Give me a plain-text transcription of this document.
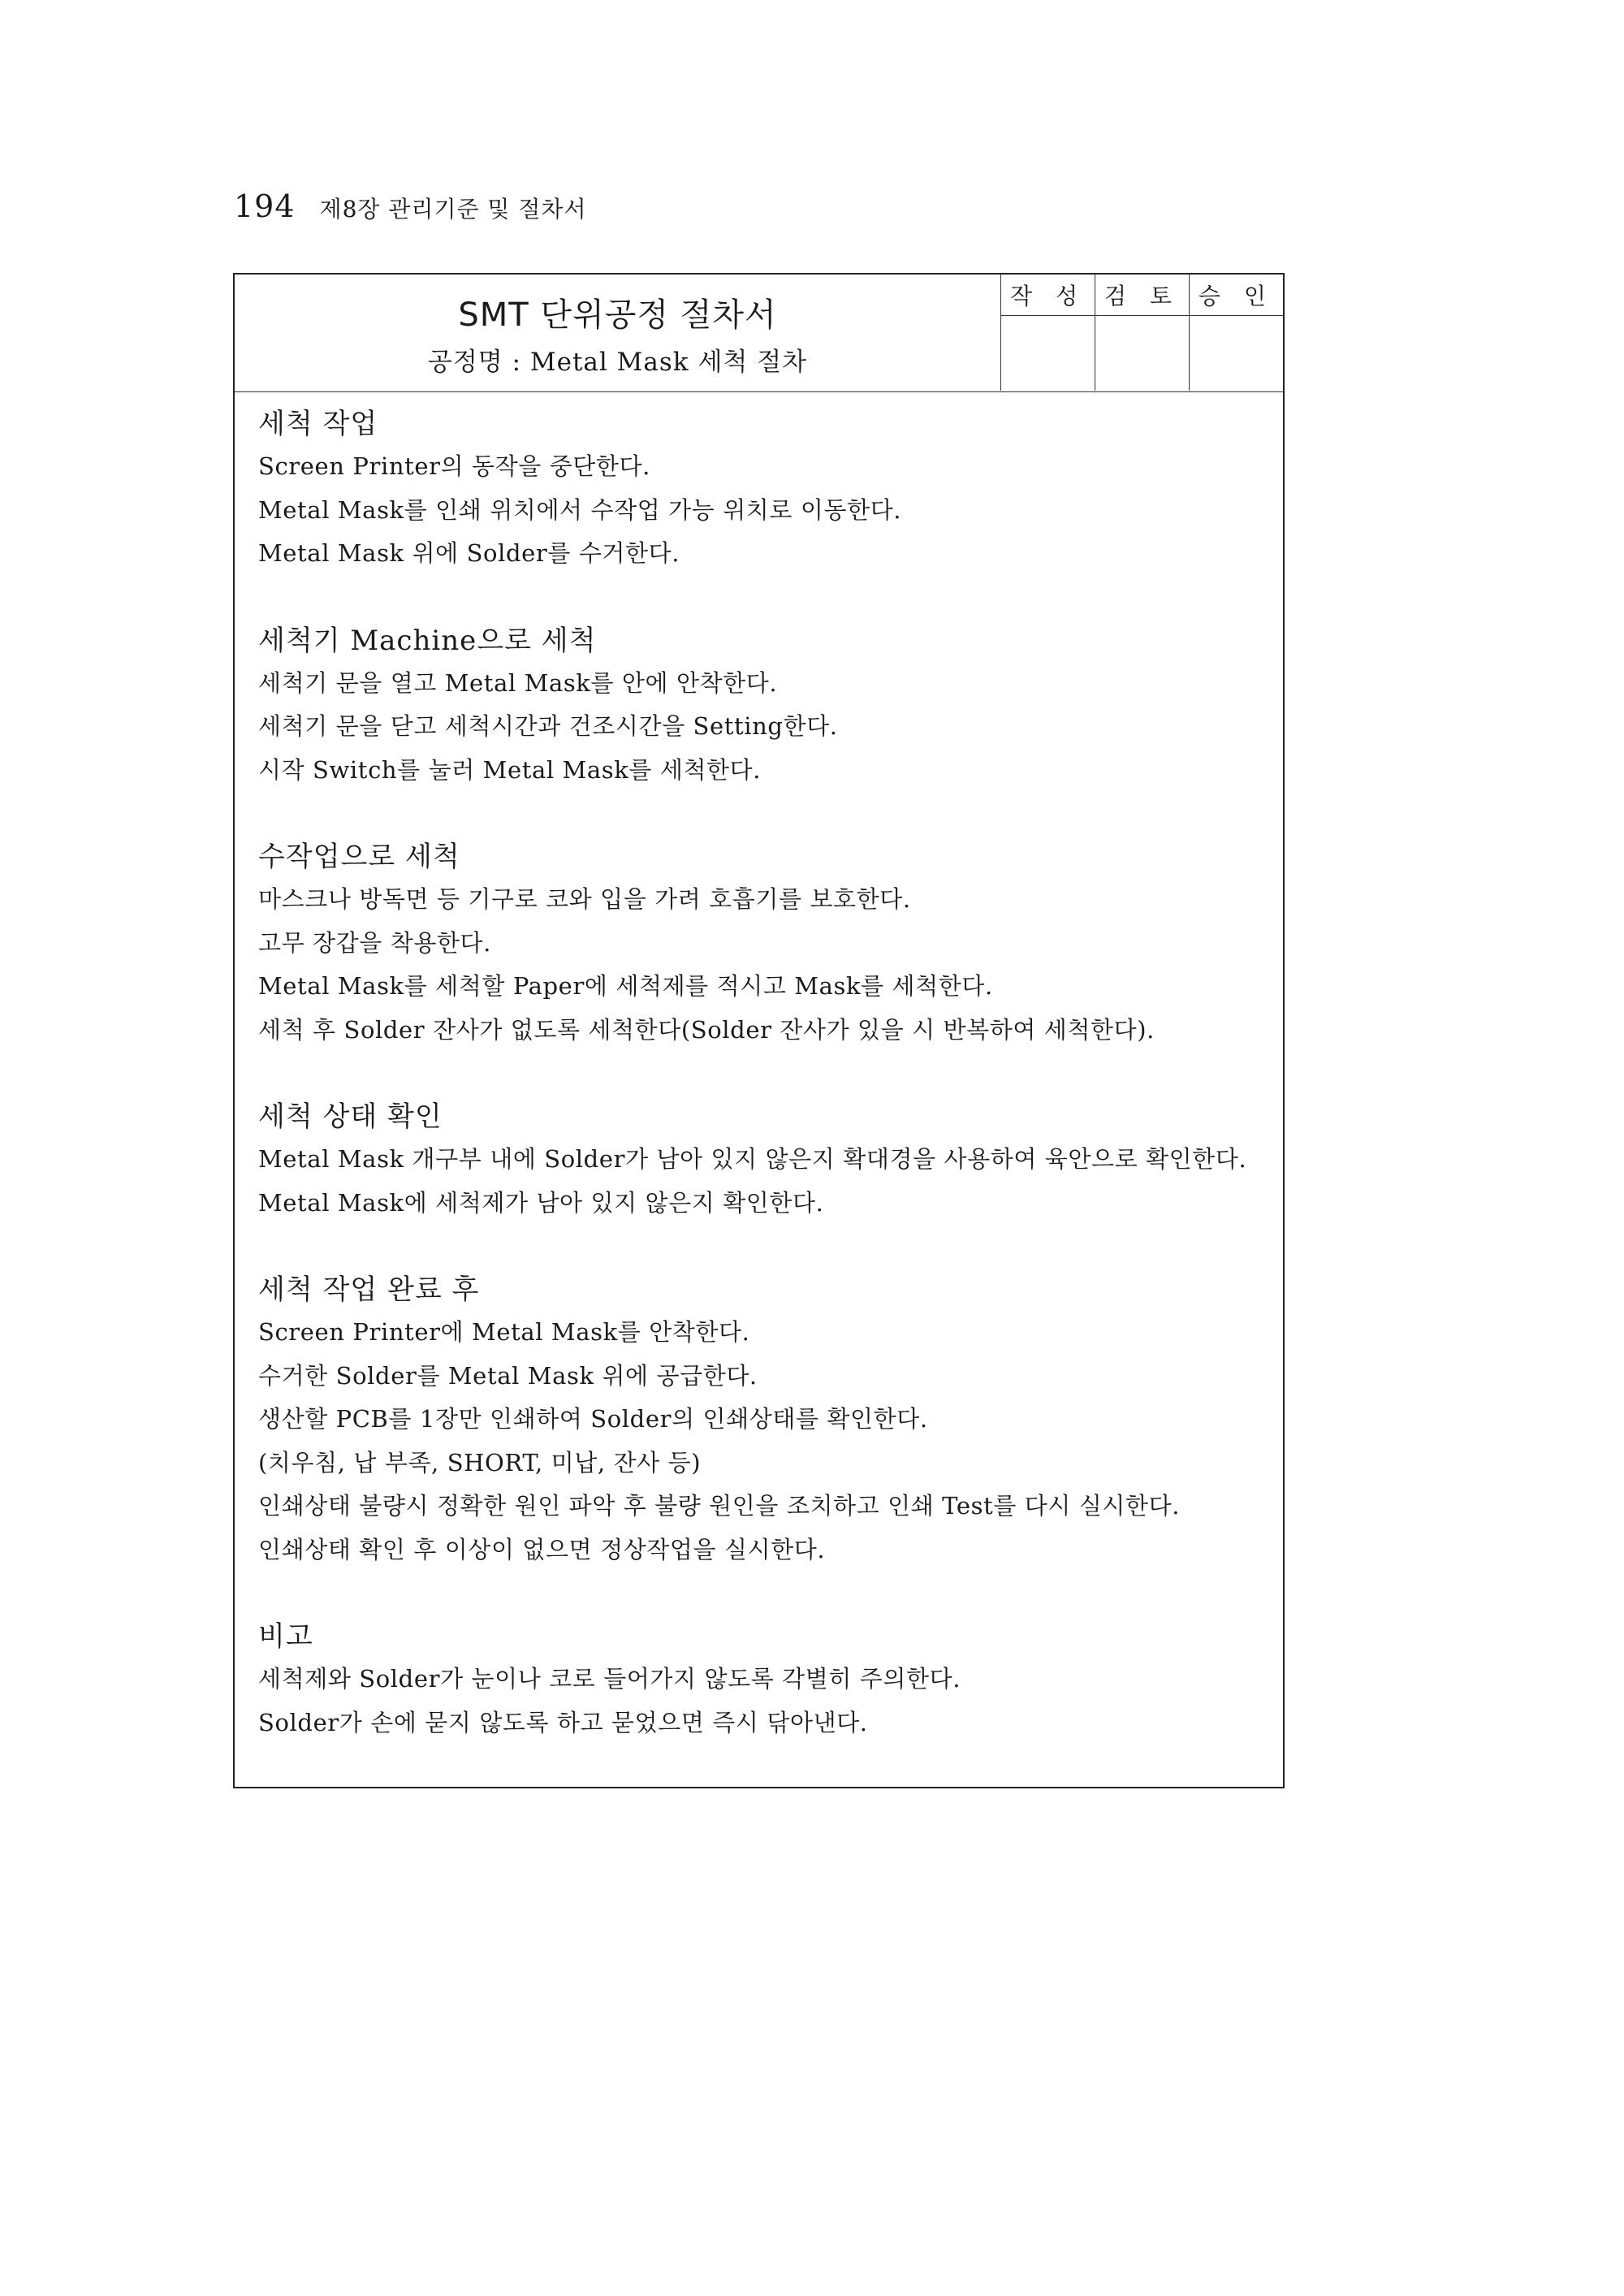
194 제8장 관리기준 및 절차서
SMT 단위공정 절차서
공정명 : Metal Mask 세척 절차
작 성	검 토	승 인

세척 작업
Screen Printer의 동작을 중단한다.
Metal Mask를 인쇄 위치에서 수작업 가능 위치로 이동한다.
Metal Mask 위에 Solder를 수거한다.
세척기 Machine으로 세척
세척기 문을 열고 Metal Mask를 안에 안착한다.
세척기 문을 닫고 세척시간과 건조시간을 Setting한다.
시작 Switch를 눌러 Metal Mask를 세척한다.
수작업으로 세척
마스크나 방독면 등 기구로 코와 입을 가려 호흡기를 보호한다.
고무 장갑을 착용한다.
Metal Mask를 세척할 Paper에 세척제를 적시고 Mask를 세척한다.
세척 후 Solder 잔사가 없도록 세척한다(Solder 잔사가 있을 시 반복하여 세척한다).
세척 상태 확인
Metal Mask 개구부 내에 Solder가 남아 있지 않은지 확대경을 사용하여 육안으로 확인한다.
Metal Mask에 세척제가 남아 있지 않은지 확인한다.
세척 작업 완료 후
Screen Printer에 Metal Mask를 안착한다.
수거한 Solder를 Metal Mask 위에 공급한다.
생산할 PCB를 1장만 인쇄하여 Solder의 인쇄상태를 확인한다.
(치우침, 납 부족, SHORT, 미납, 잔사 등)
인쇄상태 불량시 정확한 원인 파악 후 불량 원인을 조치하고 인쇄 Test를 다시 실시한다.
인쇄상태 확인 후 이상이 없으면 정상작업을 실시한다.
비고
세척제와 Solder가 눈이나 코로 들어가지 않도록 각별히 주의한다.
Solder가 손에 묻지 않도록 하고 묻었으면 즉시 닦아낸다.
